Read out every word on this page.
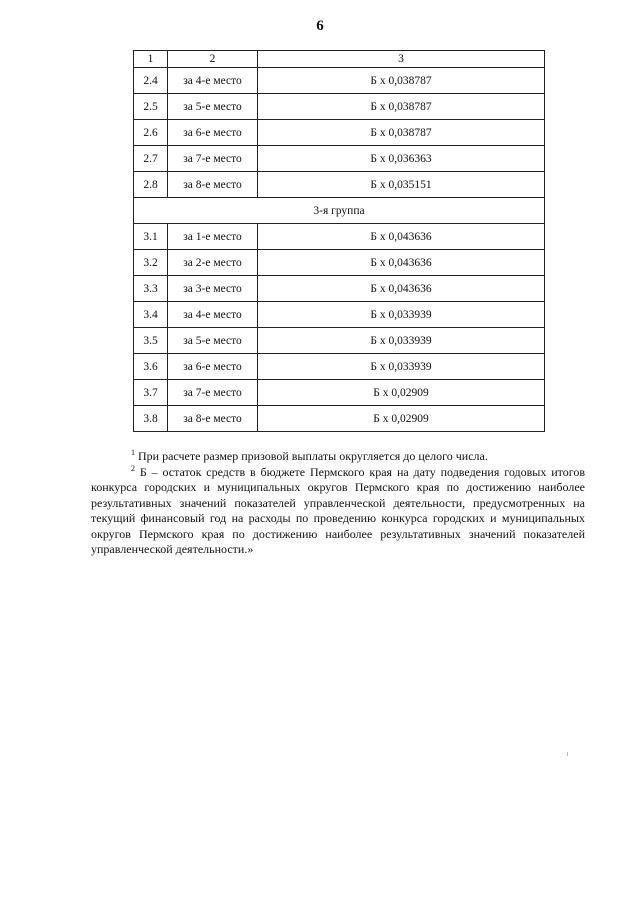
6
1	2	3
2.4	за 4-е место	Б х 0,038787
2.5	за 5-е место	Б х 0,038787
2.6	за 6-е место	Б х 0,038787
2.7	за 7-е место	Б х 0,036363
2.8	за 8-е место	Б х 0,035151
3-я группа		
3.1	за 1-е место	Б х 0,043636
3.2	за 2-е место	Б х 0,043636
3.3	за 3-е место	Б х 0,043636
3.4	за 4-е место	Б х 0,033939
3.5	за 5-е место	Б х 0,033939
3.6	за 6-е место	Б х 0,033939
3.7	за 7-е место	Б х 0,02909
3.8	за 8-е место	Б х 0,02909

$^1$ При расчете размер призовой выплаты округляется до целого числа.

$^2$ Б – остаток средств в бюджете Пермского края на дату подведения годовых итогов конкурса городских и муниципальных округов Пермского края по достижению наиболее результативных значений показателей управленческой деятельности, предусмотренных на текущий финансовый год на расходы по проведению конкурса городских и муниципальных округов Пермского края по достижению наиболее результативных значений показателей управленческой деятельности.»
